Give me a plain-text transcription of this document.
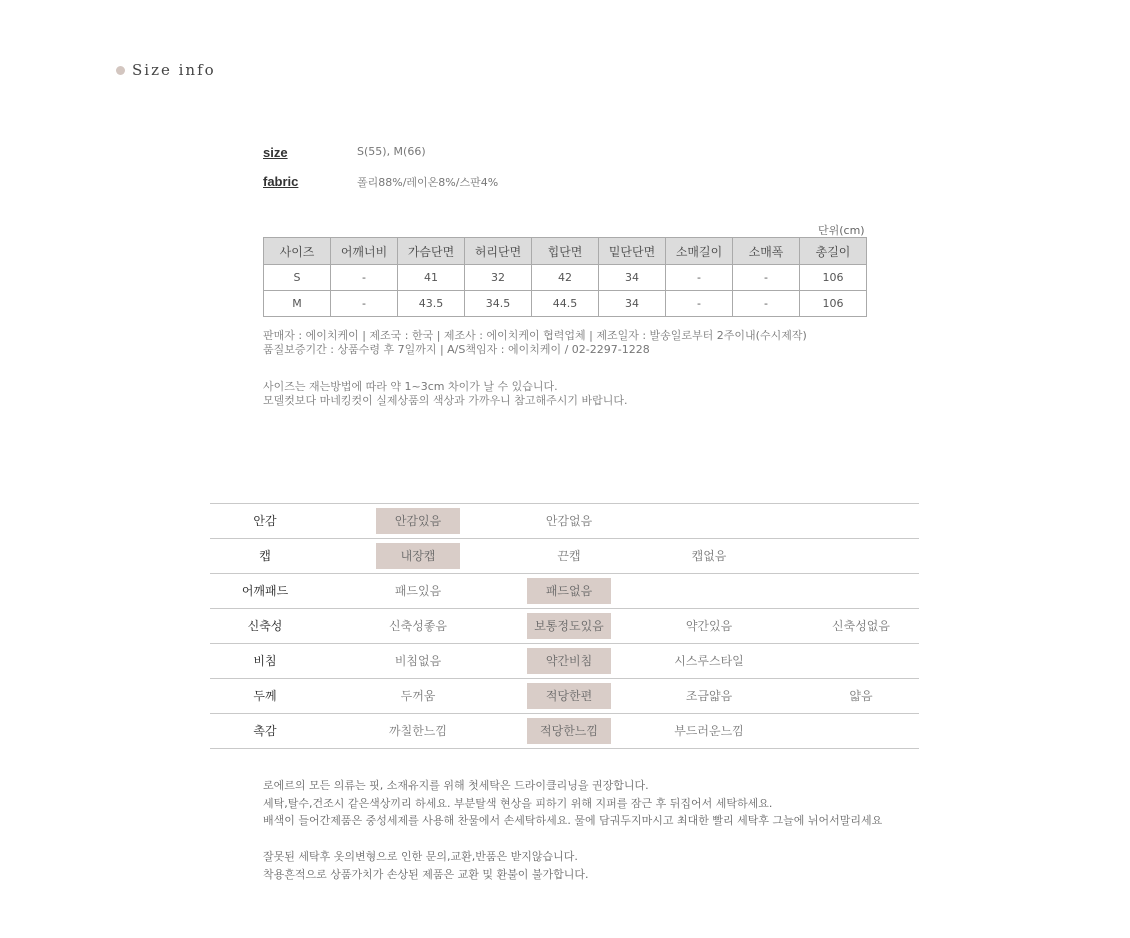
Size info
size	S(55), M(66)
fabric	폴리88%/레이온8%/스판4%
단위(cm)
사이즈	어깨너비	가슴단면	허리단면	힙단면	밑단단면	소매길이	소매폭	총길이
S	-	41	32	42	34	-	-	106
M	-	43.5	34.5	44.5	34	-	-	106
판매자 : 에이치케이 | 제조국 : 한국 | 제조사 : 에이치케이 협력업체 | 제조일자 : 발송일로부터 2주이내(수시제작)
품질보증기간 : 상품수령 후 7일까지 | A/S책임자 : 에이치케이 / 02-2297-1228
사이즈는 재는방법에 따라 약 1~3cm 차이가 날 수 있습니다.
모델컷보다 마네킹컷이 실제상품의 색상과 가까우니 참고해주시기 바랍니다.
안감	안감있음	안감없음
캡	내장캡	끈캡	캡없음
어깨패드	패드있음	패드없음
신축성	신축성좋음	보통정도있음	약간있음	신축성없음
비침	비침없음	약간비침	시스루스타일
두께	두꺼움	적당한편	조금얇음	얇음
촉감	까칠한느낌	적당한느낌	부드러운느낌
로에르의 모든 의류는 핏, 소재유지를 위해 첫세탁은 드라이클리닝을 권장합니다.
세탁,탈수,건조시 같은색상끼리 하세요. 부분탈색 현상을 피하기 위해 지퍼를 잠근 후 뒤집어서 세탁하세요.
배색이 들어간제품은 중성세제를 사용해 찬물에서 손세탁하세요. 물에 담궈두지마시고 최대한 빨리 세탁후 그늘에 뉘어서말리세요
잘못된 세탁후 옷의변형으로 인한 문의,교환,반품은 받지않습니다.
착용흔적으로 상품가치가 손상된 제품은 교환 및 환불이 불가합니다.
